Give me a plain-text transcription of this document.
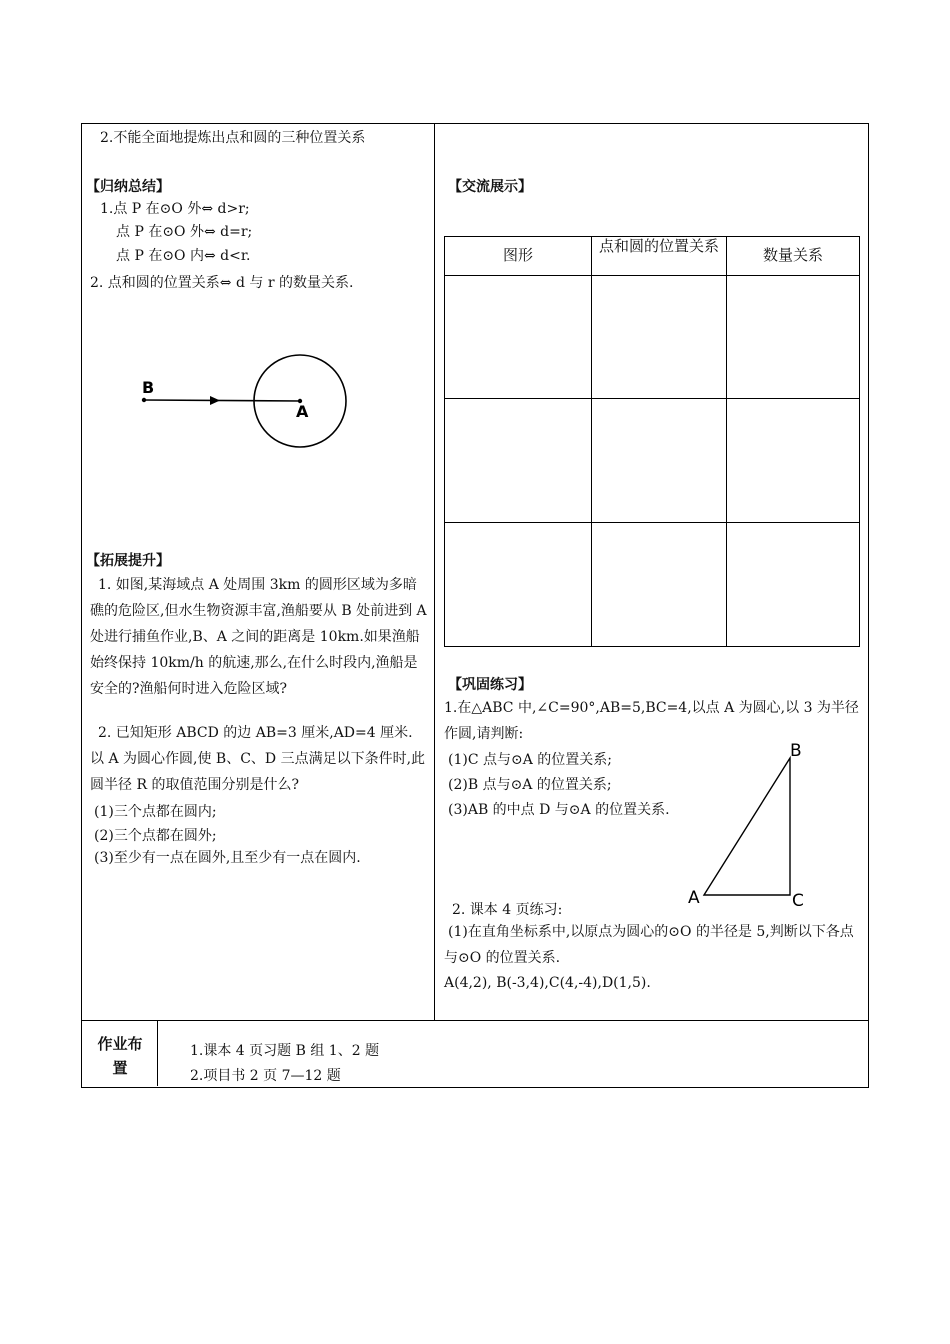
2.不能全面地提炼出点和圆的三种位置关系
【归纳总结】
1.点 P 在⊙O 外⇔ d>r;
点 P 在⊙O 外⇔ d=r;
点 P 在⊙O 内⇔ d<r.
2. 点和圆的位置关系⇔ d 与 r 的数量关系.
B
A
【拓展提升】
1. 如图,某海域点 A 处周围 3km 的圆形区域为多暗礁的危险区,但水生物资源丰富,渔船要从 B 处前进到 A 处进行捕鱼作业,B、A 之间的距离是 10km.如果渔船始终保持 10km/h 的航速,那么,在什么时段内,渔船是安全的?渔船何时进入危险区域?
2. 已知矩形 ABCD 的边 AB=3 厘米,AD=4 厘米. 以 A 为圆心作圆,使 B、C、D 三点满足以下条件时,此圆半径 R 的取值范围分别是什么?
(1)三个点都在圆内;
(2)三个点都在圆外;
(3)至少有一点在圆外,且至少有一点在圆内.
【交流展示】
图形	点和圆的位置关系	数量关系
【巩固练习】
1.在△ABC 中,∠C=90°,AB=5,BC=4,以点 A 为圆心,以 3 为半径作圆,请判断:
(1)C 点与⊙A 的位置关系;
(2)B 点与⊙A 的位置关系;
(3)AB 的中点 D 与⊙A 的位置关系.
B
A	C
2. 课本 4 页练习:
(1)在直角坐标系中,以原点为圆心的⊙O 的半径是 5,判断以下各点与⊙O 的位置关系.
A(4,2), B(-3,4),C(4,-4),D(1,5).
作业布置
1.课本 4 页习题 B 组 1、2 题
2.项目书 2 页 7—12 题
